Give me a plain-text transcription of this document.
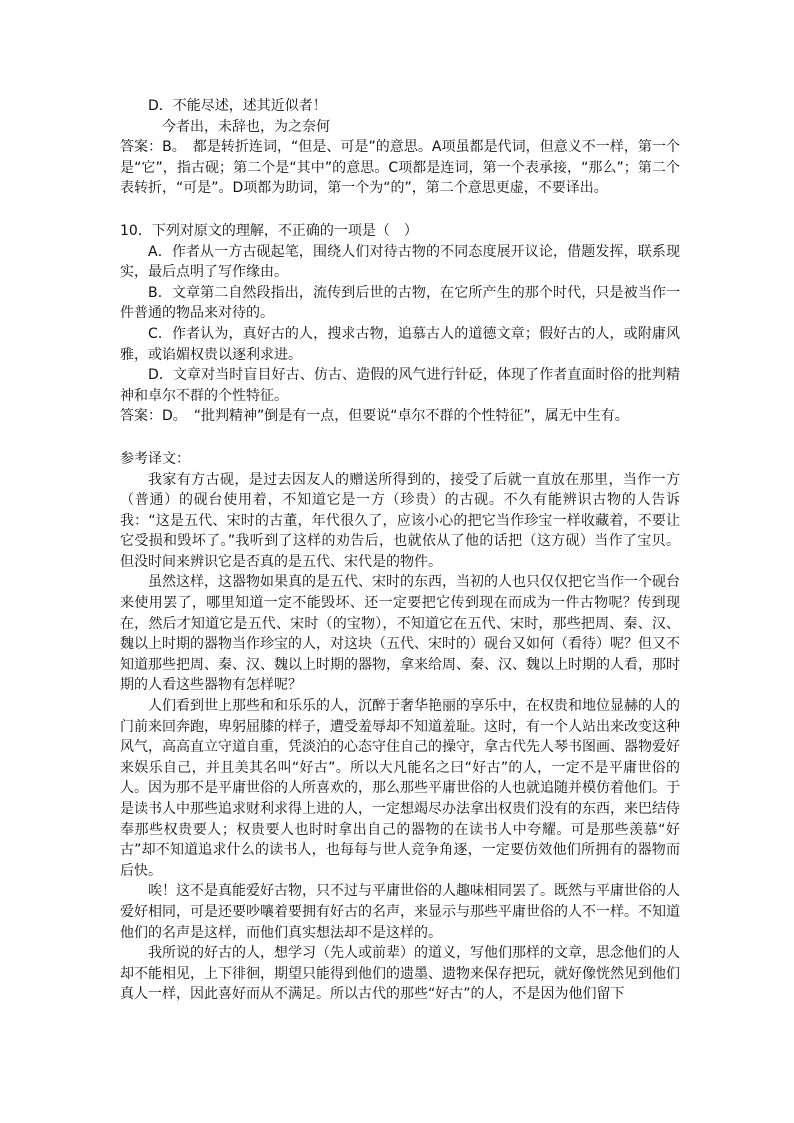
D．不能尽述，述其近似者！

今者出，未辞也，为之奈何

答案：B。　都是转折连词，“但是、可是”的意思。A项虽都是代词，但意义不一样，第一个是“它”，指古砚；第二个是“其中”的意思。C项都是连词，第一个表承接，“那么”；第二个表转折，“可是”。D项都为助词，第一个为“的”，第二个意思更虚，不要译出。

10．下列对原文的理解，不正确的一项是（　）

A．作者从一方古砚起笔，围绕人们对待古物的不同态度展开议论，借题发挥，联系现实，最后点明了写作缘由。

B．文章第二自然段指出，流传到后世的古物，在它所产生的那个时代，只是被当作一件普通的物品来对待的。

C．作者认为，真好古的人，搜求古物，追慕古人的道德文章；假好古的人，或附庸风雅，或谄媚权贵以逐利求进。

D．文章对当时盲目好古、仿古、造假的风气进行针砭，体现了作者直面时俗的批判精神和卓尔不群的个性特征。

答案：D。　“批判精神”倒是有一点，但要说“卓尔不群的个性特征”，属无中生有。

参考译文：

我家有方古砚，是过去因友人的赠送所得到的，接受了后就一直放在那里，当作一方（普通）的砚台使用着，不知道它是一方（珍贵）的古砚。不久有能辨识古物的人告诉我：“这是五代、宋时的古董，年代很久了，应该小心的把它当作珍宝一样收藏着，不要让它受损和毁坏了。”我听到了这样的劝告后，也就依从了他的话把（这方砚）当作了宝贝。但没时间来辨识它是否真的是五代、宋代是的物件。

虽然这样，这器物如果真的是五代、宋时的东西，当初的人也只仅仅把它当作一个砚台来使用罢了，哪里知道一定不能毁坏、还一定要把它传到现在而成为一件古物呢？传到现在，然后才知道它是五代、宋时（的宝物），不知道它在五代、宋时，那些把周、秦、汉、魏以上时期的器物当作珍宝的人，对这块（五代、宋时的）砚台又如何（看待）呢？但又不知道那些把周、秦、汉、魏以上时期的器物，拿来给周、秦、汉、魏以上时期的人看，那时期的人看这些器物有怎样呢？

人们看到世上那些和和乐乐的人，沉醉于奢华艳丽的享乐中，在权贵和地位显赫的人的门前来回奔跑，卑躬屈膝的样子，遭受羞辱却不知道羞耻。这时，有一个人站出来改变这种风气，高高直立守道自重，凭淡泊的心态守住自己的操守，拿古代先人琴书图画、器物爱好来娱乐自己，并且美其名叫“好古”。所以大凡能名之曰“好古”的人，一定不是平庸世俗的人。因为那不是平庸世俗的人所喜欢的，那么那些平庸世俗的人也就追随并模仿着他们。于是读书人中那些追求财利求得上进的人，一定想竭尽办法拿出权贵们没有的东西，来巴结侍奉那些权贵要人；权贵要人也时时拿出自己的器物的在读书人中夸耀。可是那些羡慕“好古”却不知道追求什么的读书人，也每每与世人竞争角逐，一定要仿效他们所拥有的器物而后快。

唉！这不是真能爱好古物，只不过与平庸世俗的人趣味相同罢了。既然与平庸世俗的人爱好相同，可是还要吵嚷着要拥有好古的名声，来显示与那些平庸世俗的人不一样。不知道他们的名声是这样，而他们真实想法却不是这样的。

我所说的好古的人，想学习（先人或前辈）的道义，写他们那样的文章，思念他们的人却不能相见，上下徘徊，期望只能得到他们的遗墨、遗物来保存把玩，就好像恍然见到他们真人一样，因此喜好而从不满足。所以古代的那些“好古”的人，不是因为他们留下
